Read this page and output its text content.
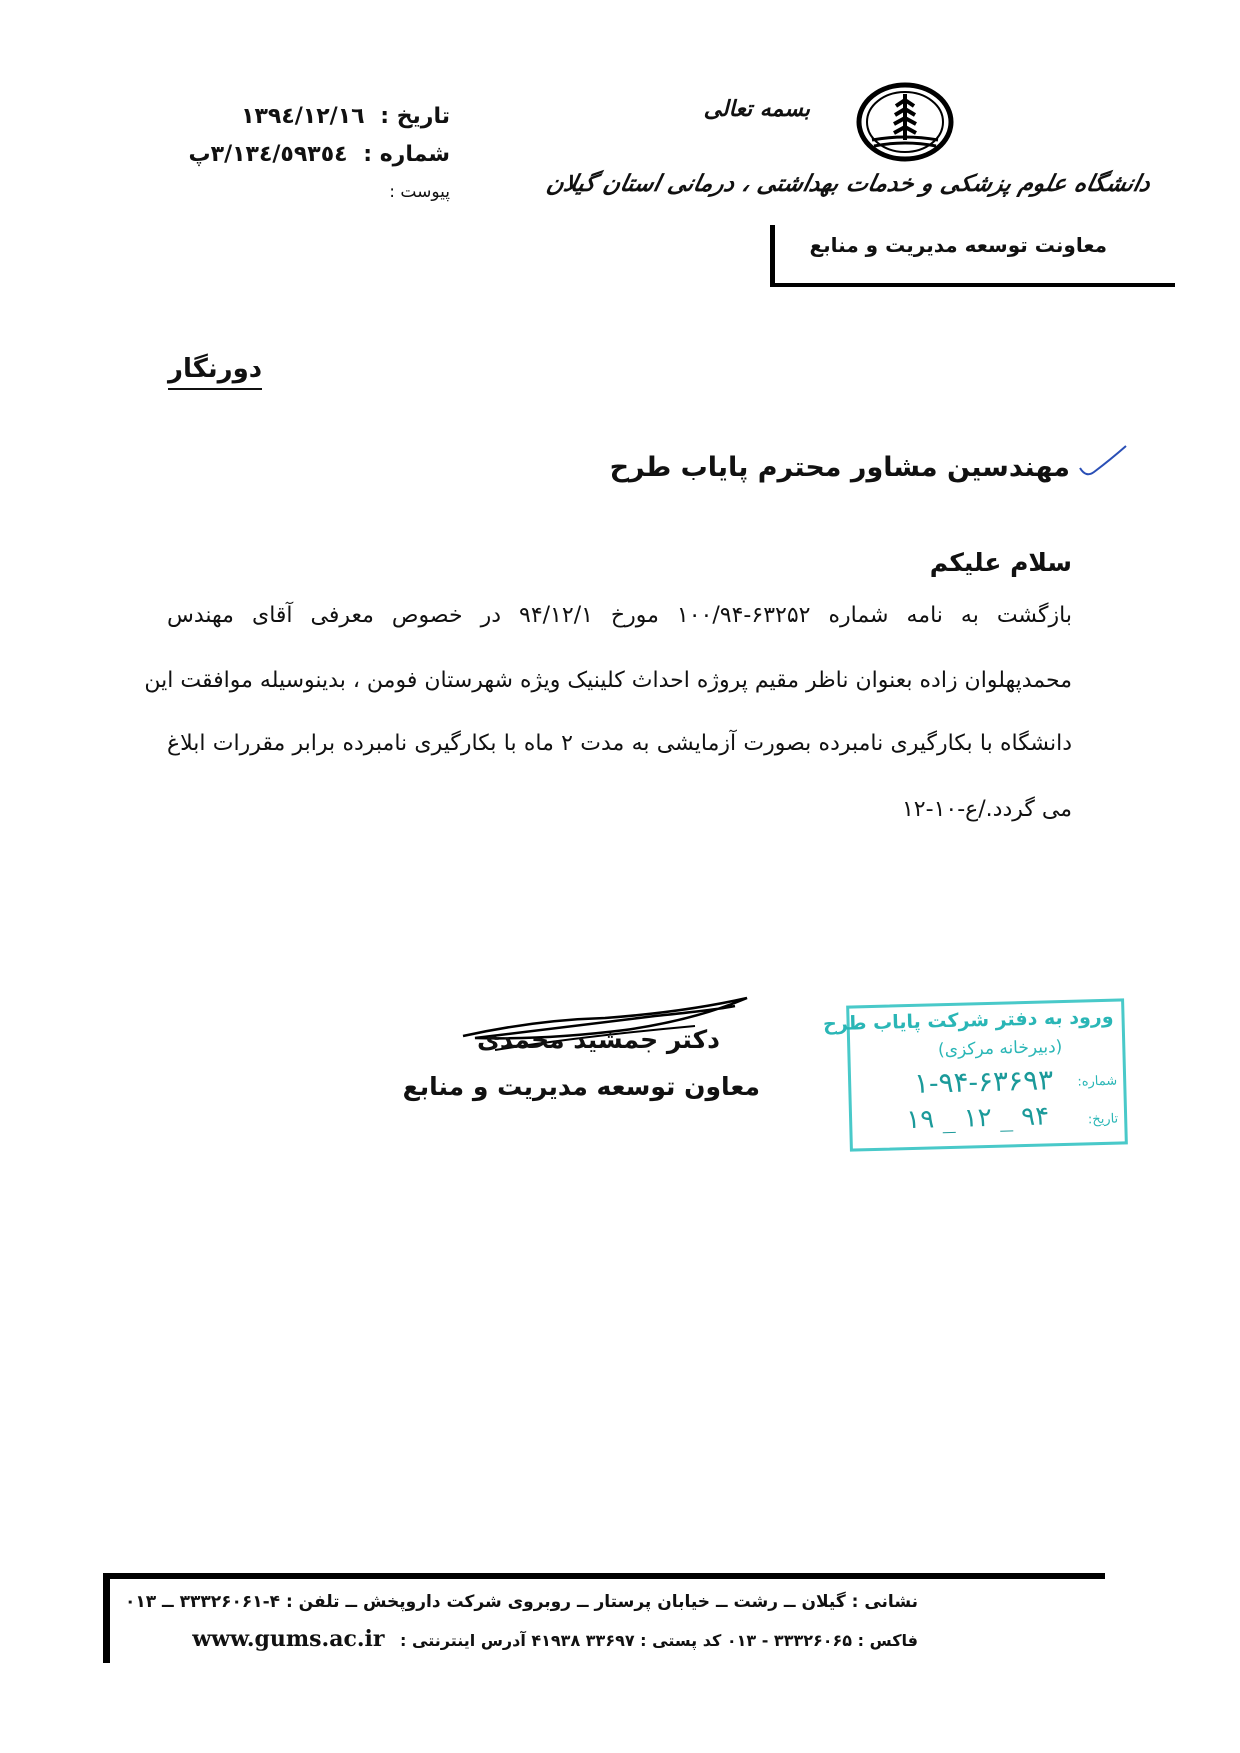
بسمه تعالی
دانشگاه علوم پزشکی و خدمات بهداشتی ، درمانی استان گیلان
معاونت توسعه مدیریت و منابع
تاریخ : ۱۳۹٤/۱۲/۱٦
شماره : ۳/۱۳٤/٥۹۳٥٤پ
پیوست :
دورنگار
مهندسین مشاور محترم پایاب طرح
سلام علیکم
بازگشت به نامه شماره ۶۳۲۵۲-۱۰۰/۹۴ مورخ ۹۴/۱۲/۱ در خصوص معرفی آقای مهندس
محمدپهلوان زاده بعنوان ناظر مقیم پروژه احداث کلینیک ویژه شهرستان فومن ، بدینوسیله موافقت این
دانشگاه با بکارگیری نامبرده بصورت آزمایشی به مدت ۲ ماه با بکارگیری نامبرده برابر مقررات ابلاغ
می گردد./ع-۱۰-۱۲
دکتر جمشید محمدی
معاون توسعه مدیریت و منابع
ورود به دفتر شرکت پایاب طرح
(دبیرخانه مرکزی)
شماره:
۱-۹۴-۶۳۶۹۳
تاریخ:
۹۴ _ ۱۲ _ ۱۹
نشانی : گیلان ــ رشت ــ خیابان پرستار ــ روبروی شرکت داروپخش ــ تلفن : ۴-۳۳۳۲۶۰۶۱ ــ ۰۱۳
فاکس : ۳۳۳۲۶۰۶۵ - ۰۱۳ کد پستی : ۳۳۶۹۷ ۴۱۹۳۸ آدرس اینترنتی : www.gums.ac.ir
